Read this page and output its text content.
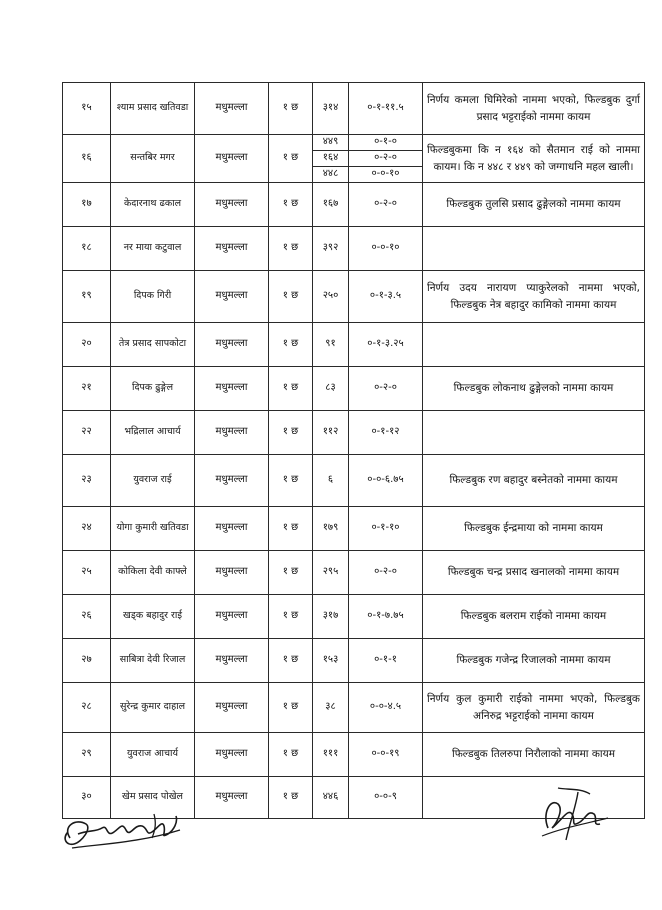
१५	श्याम प्रसाद खतिवडा	मधुमल्ला	१ छ	३१४	०-१-११.५	निर्णय कमला घिमिरेको नाममा भएको, फिल्डबुक दुर्गा प्रसाद भट्टराईको नाममा कायम
१६	सन्तबिर मगर	मधुमल्ला	१ छ	४४९	०-१-०	फिल्डबुकमा कि न १६४ को सैतमान राई को नाममा कायम। कि न ४४८ र ४४९ को जग्गाधनि महल खाली।
				१६४	०-२-०	
				४४८	०-०-१०	
१७	केदारनाथ ढकाल	मधुमल्ला	१ छ	१६७	०-२-०	फिल्डबुक तुलसि प्रसाद ढुङ्गेलको नाममा कायम
१८	नर माया कटुवाल	मधुमल्ला	१ छ	३९२	०-०-१०	
१९	दिपक गिरी	मधुमल्ला	१ छ	२५०	०-१-३.५	निर्णय उदय नारायण प्याकुरेलको नाममा भएको, फिल्डबुक नेत्र बहादुर कामिको नाममा कायम
२०	तेत्र प्रसाद सापकोटा	मधुमल्ला	१ छ	९१	०-१-३.२५	
२१	दिपक ढुङ्गेल	मधुमल्ला	१ छ	८३	०-२-०	फिल्डबुक लोकनाथ ढुङ्गेलको नाममा कायम
२२	भद्रिलाल आचार्य	मधुमल्ला	१ छ	११२	०-१-१२	
२३	युवराज राई	मधुमल्ला	१ छ	६	०-०-६.७५	फिल्डबुक रण बहादुर बस्नेतको नाममा कायम
२४	योगा कुमारी खतिवडा	मधुमल्ला	१ छ	१७९	०-१-१०	फिल्डबुक ईन्द्रमाया को नाममा कायम
२५	कोकिला देवी काफ्ले	मधुमल्ला	१ छ	२९५	०-२-०	फिल्डबुक चन्द्र प्रसाद खनालको नाममा कायम
२६	खड्क बहादुर राई	मधुमल्ला	१ छ	३१७	०-१-७.७५	फिल्डबुक बलराम राईको नाममा कायम
२७	साबित्रा देवी रिजाल	मधुमल्ला	१ छ	१५३	०-१-१	फिल्डबुक गजेन्द्र रिजालको नाममा कायम
२८	सुरेन्द्र कुमार दाहाल	मधुमल्ला	१ छ	३८	०-०-४.५	निर्णय कुल कुमारी राईको नाममा भएको, फिल्डबुक अनिरुद्र भट्टराईको नाममा कायम
२९	युवराज आचार्य	मधुमल्ला	१ छ	१११	०-०-१९	फिल्डबुक तिलरुपा निरौलाको नाममा कायम
३०	खेम प्रसाद पोखेल	मधुमल्ला	१ छ	४४६	०-०-९	
